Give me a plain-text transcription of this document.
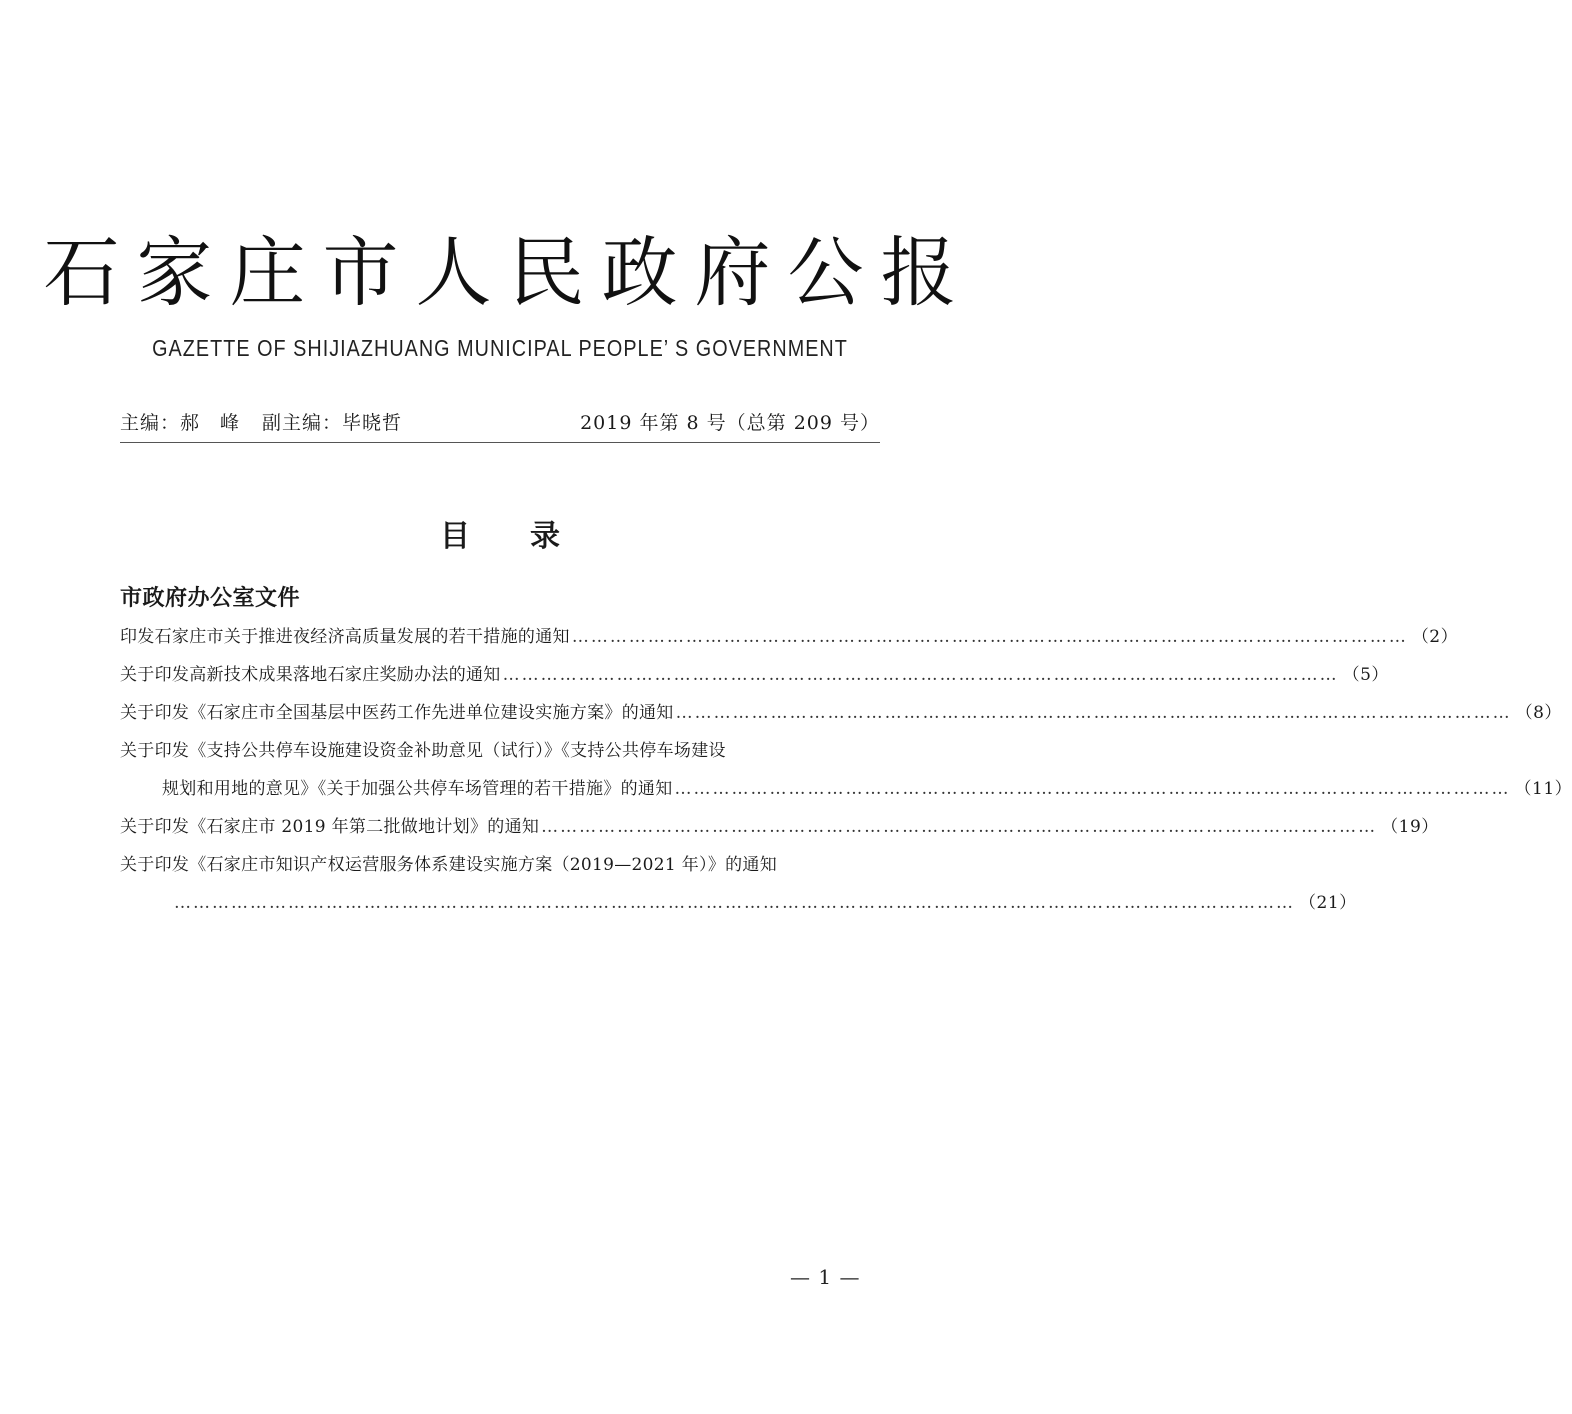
石家庄市人民政府公报
GAZETTE OF SHIJIAZHUANG MUNICIPAL PEOPLE’ S GOVERNMENT
主编：郝　峰 副主编：毕晓哲	2019 年第 8 号（总第 209 号）
目录
市政府办公室文件
印发石家庄市关于推进夜经济高质量发展的若干措施的通知 …………………………………………………………………………………………………………………… （2）
关于印发高新技术成果落地石家庄奖励办法的通知 …………………………………………………………………………………………………………………… （5）
关于印发《石家庄市全国基层中医药工作先进单位建设实施方案》的通知 …………………………………………………………………………………………………………………… （8）
关于印发《支持公共停车设施建设资金补助意见（试行）》《支持公共停车场建设
规划和用地的意见》《关于加强公共停车场管理的若干措施》的通知 …………………………………………………………………………………………………………………… （11）
关于印发《石家庄市 2019 年第二批做地计划》的通知 …………………………………………………………………………………………………………………… （19）
关于印发《石家庄市知识产权运营服务体系建设实施方案（2019—2021 年）》的通知
…………………………………………………………………………………………………………………………………………………………… （21）
— 1 —
